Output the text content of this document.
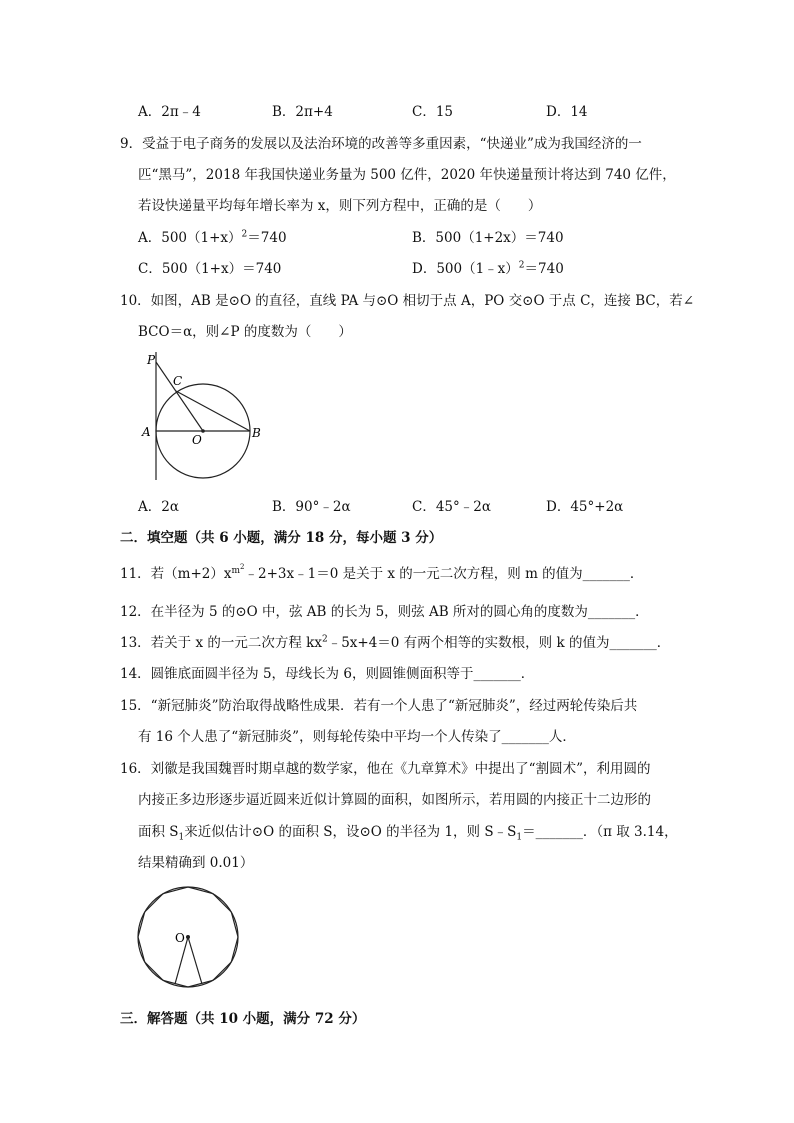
A．2π﹣4	B．2π+4	C．15	D．14
9．受益于电子商务的发展以及法治环境的改善等多重因素，“快递业”成为我国经济的一
匹“黑马”，2018 年我国快递业务量为 500 亿件，2020 年快递量预计将达到 740 亿件，
若设快递量平均每年增长率为 x，则下列方程中，正确的是（　　）
A．$500(1+x)^2=740$	B．500（1+2x）＝740
C．500（1+x）＝740	D．500（1﹣x）$^2$＝740
10．如图，AB 是⊙O 的直径，直线 PA 与⊙O 相切于点 A，PO 交⊙O 于点 C，连接 BC，若∠
BCO＝α，则∠P 的度数为（　　）
P
C
A
O	B
A．2α	B．90°﹣2α	C．45°﹣2α	D．45°+2α
二．填空题（共 6 小题，满分 18 分，每小题 3 分）
11．若$(m+2)x^{m^2}﹣2+3x﹣1=0$ 是关于 x 的一元二次方程，则 m 的值为_______．
12．在半径为 5 的⊙O 中，弦 AB 的长为 5，则弦 AB 所对的圆心角的度数为_______．
13．若关于 x 的一元二次方程 $kx^2﹣5x+4=0$ 有两个相等的实数根，则 k 的值为_______．
14．圆锥底面圆半径为 5，母线长为 6，则圆锥侧面积等于_______．
15．“新冠肺炎”防治取得战略性成果．若有一个人患了“新冠肺炎”，经过两轮传染后共
有 16 个人患了“新冠肺炎”，则每轮传染中平均一个人传染了_______人．
16．刘徽是我国魏晋时期卓越的数学家，他在《九章算术》中提出了“割圆术”，利用圆的
内接正多边形逐步逼近圆来近似计算圆的面积，如图所示，若用圆的内接正十二边形的
面积 $S_1$来近似估计⊙O 的面积 S，设⊙O 的半径为 1，则 $S﹣S_1=\_\_\_\_\_\_\_$．（π 取 3.14，
结果精确到 0.01）
O
三．解答题（共 10 小题，满分 72 分）
